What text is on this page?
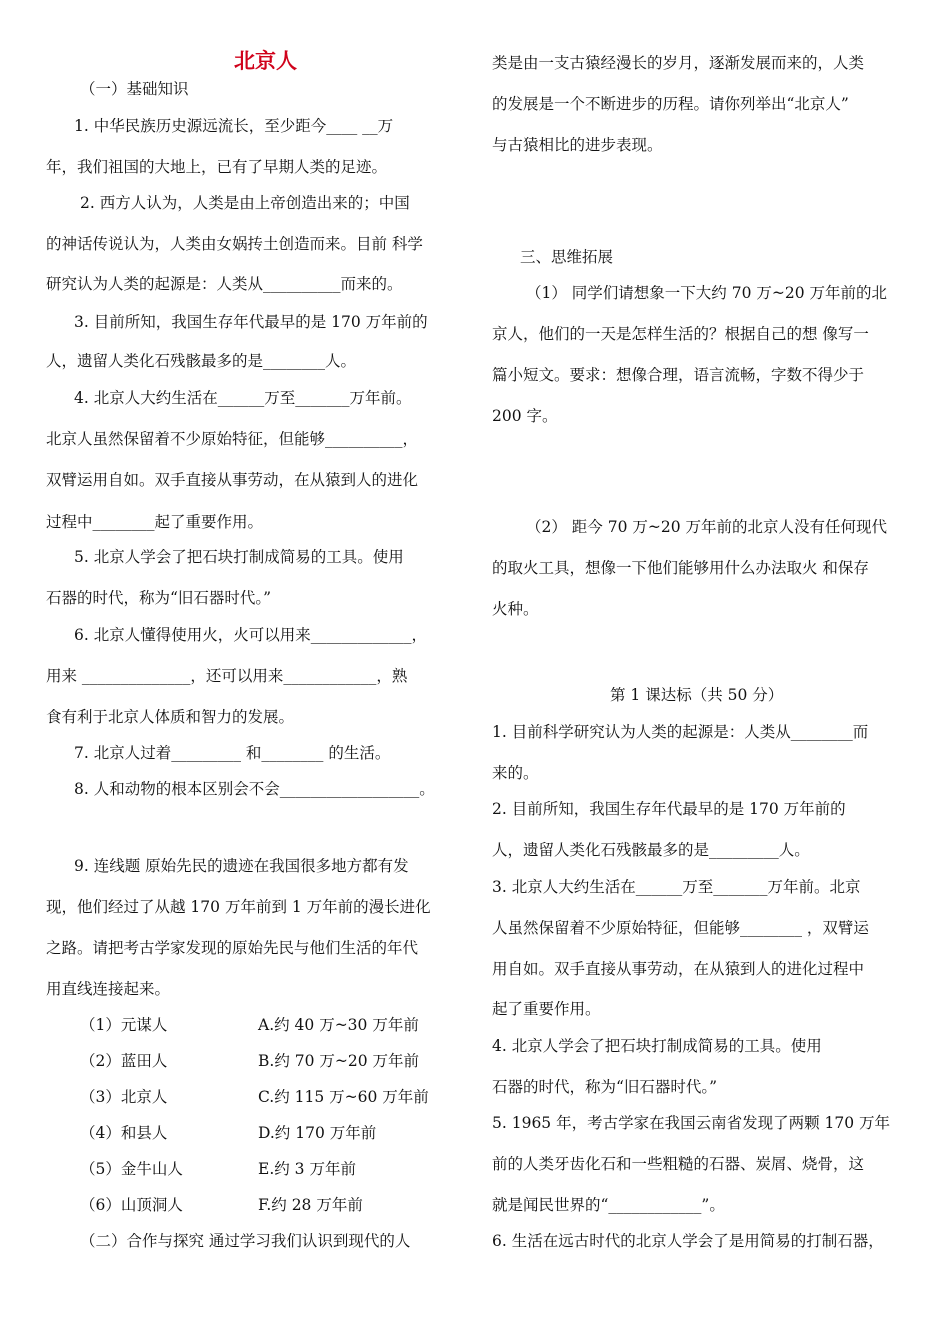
北京人
（一）基础知识
1. 中华民族历史源远流长，至少距今____ __万
年，我们祖国的大地上，已有了早期人类的足迹。
2. 西方人认为，人类是由上帝创造出来的；中国
的神话传说认为，人类由女娲抟土创造而来。目前 科学
研究认为人类的起源是：人类从__________而来的。
3. 目前所知，我国生存年代最早的是 170 万年前的
人，遗留人类化石残骸最多的是________人。
4. 北京人大约生活在______万至_______万年前。
北京人虽然保留着不少原始特征，但能够__________，
双臂运用自如。双手直接从事劳动，在从猿到人的进化
过程中________起了重要作用。
5. 北京人学会了把石块打制成简易的工具。使用
石器的时代，称为“旧石器时代。”
6. 北京人懂得使用火，火可以用来_____________，
用来 ______________，还可以用来____________，熟
食有利于北京人体质和智力的发展。
7. 北京人过着_________ 和________ 的生活。
8. 人和动物的根本区别会不会__________________。
9. 连线题 原始先民的遗迹在我国很多地方都有发
现，他们经过了从越 170 万年前到 1 万年前的漫长进化
之路。请把考古学家发现的原始先民与他们生活的年代
用直线连接起来。
（1）元谋人	A.约 40 万~30 万年前
（2）蓝田人	B.约 70 万~20 万年前
（3）北京人	C.约 115 万~60 万年前
（4）和县人	D.约 170 万年前
（5）金牛山人	E.约 3 万年前
（6）山顶洞人	F.约 28 万年前
（二）合作与探究 通过学习我们认识到现代的人
类是由一支古猿经漫长的岁月，逐渐发展而来的，人类
的发展是一个不断进步的历程。请你列举出“北京人”
与古猿相比的进步表现。
三、思维拓展
（1） 同学们请想象一下大约 70 万~20 万年前的北
京人，他们的一天是怎样生活的？根据自己的想 像写一
篇小短文。要求：想像合理，语言流畅，字数不得少于
200 字。
（2） 距今 70 万~20 万年前的北京人没有任何现代
的取火工具，想像一下他们能够用什么办法取火 和保存
火种。
第 1 课达标（共 50 分）
1. 目前科学研究认为人类的起源是：人类从________而
来的。
2. 目前所知，我国生存年代最早的是 170 万年前的
人，遗留人类化石残骸最多的是_________人。
3. 北京人大约生活在______万至_______万年前。北京
人虽然保留着不少原始特征，但能够________ ，双臂运
用自如。双手直接从事劳动，在从猿到人的进化过程中
起了重要作用。
4. 北京人学会了把石块打制成简易的工具。使用
石器的时代，称为“旧石器时代。”
5. 1965 年，考古学家在我国云南省发现了两颗 170 万年
前的人类牙齿化石和一些粗糙的石器、炭屑、烧骨，这
就是闻民世界的“____________”。
6. 生活在远古时代的北京人学会了是用简易的打制石器，
